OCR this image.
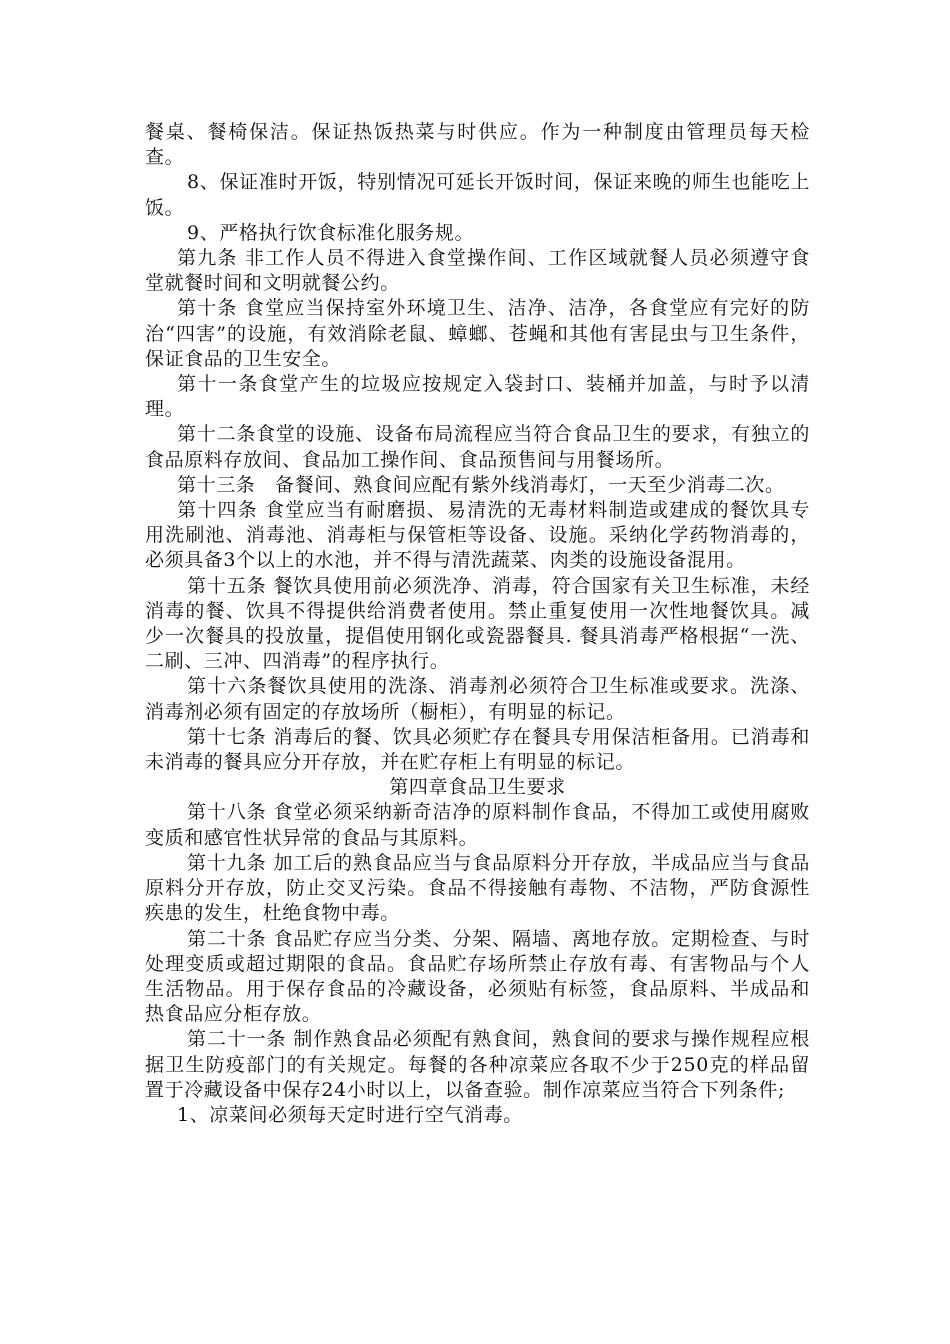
餐桌、餐椅保洁。保证热饭热菜与时供应。作为一种制度由管理员每天检查。

8、保证准时开饭，特别情况可延长开饭时间，保证来晚的师生也能吃上饭。

9、严格执行饮食标准化服务规。

第九条 非工作人员不得进入食堂操作间、工作区域就餐人员必须遵守食堂就餐时间和文明就餐公约。

第十条 食堂应当保持室外环境卫生、洁净、洁净，各食堂应有完好的防治“四害”的设施，有效消除老鼠、蟑螂、苍蝇和其他有害昆虫与卫生条件，保证食品的卫生安全。

第十一条食堂产生的垃圾应按规定入袋封口、装桶并加盖，与时予以清理。

第十二条食堂的设施、设备布局流程应当符合食品卫生的要求，有独立的食品原料存放间、食品加工操作间、食品预售间与用餐场所。

第十三条　备餐间、熟食间应配有紫外线消毒灯，一天至少消毒二次。

第十四条 食堂应当有耐磨损、易清洗的无毒材料制造或建成的餐饮具专用洗刷池、消毒池、消毒柜与保管柜等设备、设施。采纳化学药物消毒的，必须具备3个以上的水池，并不得与清洗蔬菜、肉类的设施设备混用。

第十五条 餐饮具使用前必须洗净、消毒，符合国家有关卫生标准，未经消毒的餐、饮具不得提供给消费者使用。禁止重复使用一次性地餐饮具。减少一次餐具的投放量，提倡使用钢化或瓷器餐具. 餐具消毒严格根据“一洗、二刷、三冲、四消毒”的程序执行。

第十六条餐饮具使用的洗涤、消毒剂必须符合卫生标准或要求。洗涤、消毒剂必须有固定的存放场所（橱柜），有明显的标记。

第十七条 消毒后的餐、饮具必须贮存在餐具专用保洁柜备用。已消毒和未消毒的餐具应分开存放，并在贮存柜上有明显的标记。

第四章食品卫生要求

第十八条 食堂必须采纳新奇洁净的原料制作食品，不得加工或使用腐败变质和感官性状异常的食品与其原料。

第十九条 加工后的熟食品应当与食品原料分开存放，半成品应当与食品原料分开存放，防止交叉污染。食品不得接触有毒物、不洁物，严防食源性疾患的发生，杜绝食物中毒。

第二十条 食品贮存应当分类、分架、隔墙、离地存放。定期检查、与时处理变质或超过期限的食品。食品贮存场所禁止存放有毒、有害物品与个人生活物品。用于保存食品的冷藏设备，必须贴有标签，食品原料、半成品和热食品应分柜存放。

第二十一条 制作熟食品必须配有熟食间，熟食间的要求与操作规程应根据卫生防疫部门的有关规定。每餐的各种凉菜应各取不少于250克的样品留置于冷藏设备中保存24小时以上，以备查验。制作凉菜应当符合下列条件;

1、凉菜间必须每天定时进行空气消毒。
